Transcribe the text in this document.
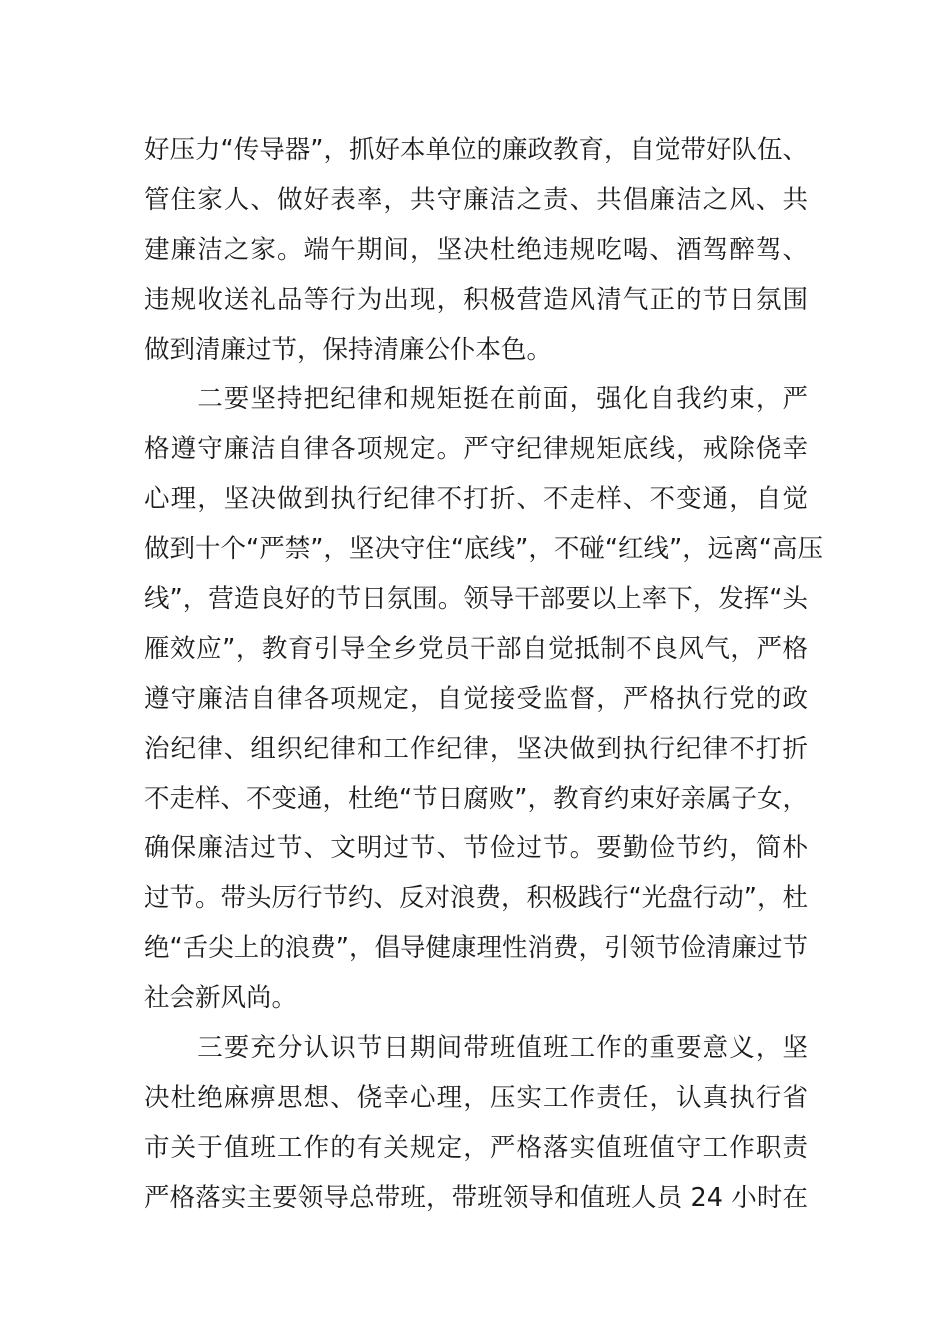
好压力“传导器”，抓好本单位的廉政教育，自觉带好队伍、
管住家人、做好表率，共守廉洁之责、共倡廉洁之风、共
建廉洁之家。端午期间，坚决杜绝违规吃喝、酒驾醉驾、
违规收送礼品等行为出现，积极营造风清气正的节日氛围
做到清廉过节，保持清廉公仆本色。
　　二要坚持把纪律和规矩挺在前面，强化自我约束，严
格遵守廉洁自律各项规定。严守纪律规矩底线，戒除侥幸
心理，坚决做到执行纪律不打折、不走样、不变通，自觉
做到十个“严禁”，坚决守住“底线”，不碰“红线”，远离“高压
线”，营造良好的节日氛围。领导干部要以上率下，发挥“头
雁效应”，教育引导全乡党员干部自觉抵制不良风气，严格
遵守廉洁自律各项规定，自觉接受监督，严格执行党的政
治纪律、组织纪律和工作纪律，坚决做到执行纪律不打折
不走样、不变通，杜绝“节日腐败”，教育约束好亲属子女，
确保廉洁过节、文明过节、节俭过节。要勤俭节约，简朴
过节。带头厉行节约、反对浪费，积极践行“光盘行动”，杜
绝“舌尖上的浪费”，倡导健康理性消费，引领节俭清廉过节
社会新风尚。
　　三要充分认识节日期间带班值班工作的重要意义，坚
决杜绝麻痹思想、侥幸心理，压实工作责任，认真执行省
市关于值班工作的有关规定，严格落实值班值守工作职责
严格落实主要领导总带班，带班领导和值班人员 24 小时在
